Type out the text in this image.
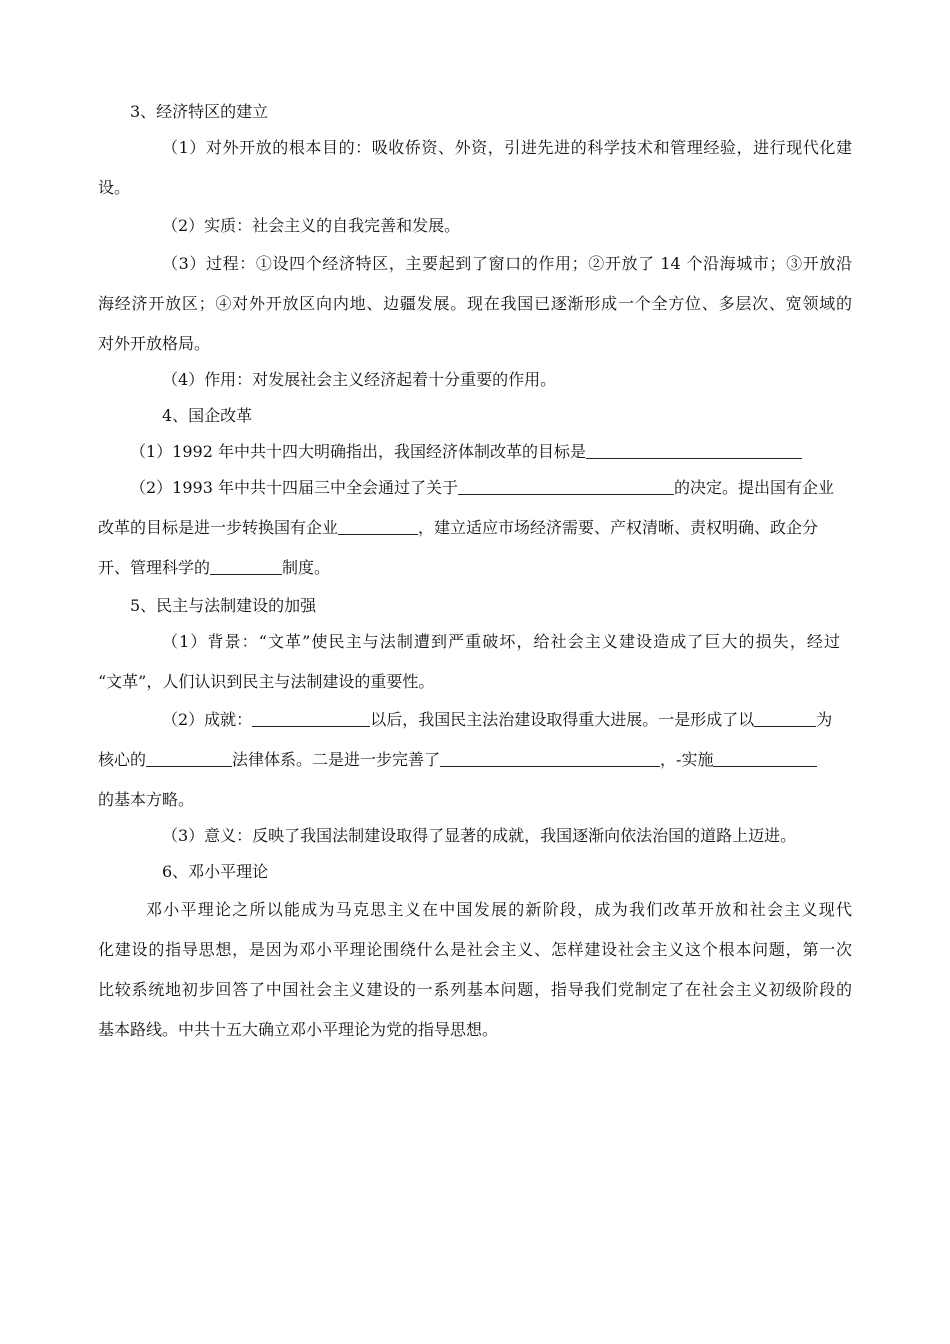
3、经济特区的建立
（1）对外开放的根本目的：吸收侨资、外资，引进先进的科学技术和管理经验，进行现代化建
设。
（2）实质：社会主义的自我完善和发展。
（3）过程：①设四个经济特区，主要起到了窗口的作用；②开放了 14 个沿海城市；③开放沿
海经济开放区；④对外开放区向内地、边疆发展。现在我国已逐渐形成一个全方位、多层次、宽领域的
对外开放格局。
（4）作用：对发展社会主义经济起着十分重要的作用。
4、国企改革
（1）1992 年中共十四大明确指出，我国经济体制改革的目标是
（2）1993 年中共十四届三中全会通过了关于	的决定。提出国有企业
改革的目标是进一步转换国有企业	，建立适应市场经济需要、产权清晰、责权明确、政企分
开、管理科学的	制度。
5、民主与法制建设的加强
（1）背景：“文革”使民主与法制遭到严重破坏，给社会主义建设造成了巨大的损失，经过
“文革”，人们认识到民主与法制建设的重要性。
（2）成就：	以后，我国民主法治建设取得重大进展。一是形成了以	为
核心的	法律体系。二是进一步完善了	，-实施
的基本方略。
（3）意义：反映了我国法制建设取得了显著的成就，我国逐渐向依法治国的道路上迈进。
6、邓小平理论
邓小平理论之所以能成为马克思主义在中国发展的新阶段，成为我们改革开放和社会主义现代
化建设的指导思想，是因为邓小平理论围绕什么是社会主义、怎样建设社会主义这个根本问题，第一次
比较系统地初步回答了中国社会主义建设的一系列基本问题，指导我们党制定了在社会主义初级阶段的
基本路线。中共十五大确立邓小平理论为党的指导思想。
